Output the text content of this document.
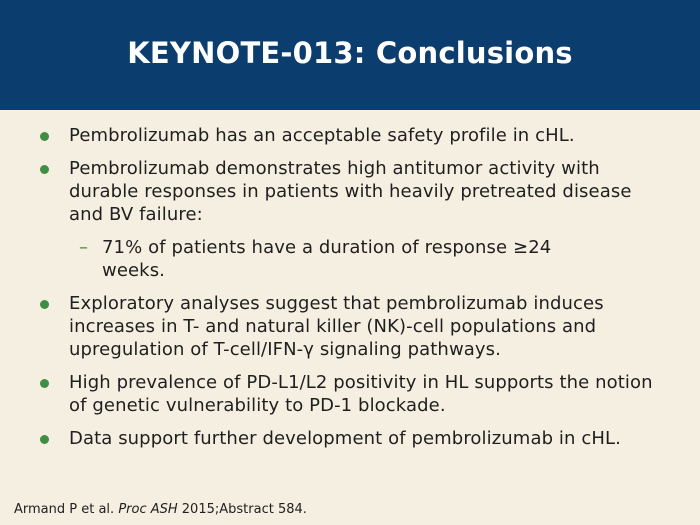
KEYNOTE-013: Conclusions
Pembrolizumab has an acceptable safety profile in cHL.
Pembrolizumab demonstrates high antitumor activity with durable responses in patients with heavily pretreated disease and BV failure:
– 71% of patients have a duration of response ≥24 weeks.
Exploratory analyses suggest that pembrolizumab induces increases in T- and natural killer (NK)-cell populations and upregulation of T-cell/IFN-γ signaling pathways.
High prevalence of PD-L1/L2 positivity in HL supports the notion of genetic vulnerability to PD-1 blockade.
Data support further development of pembrolizumab in cHL.
Armand P et al. Proc ASH 2015;Abstract 584.
